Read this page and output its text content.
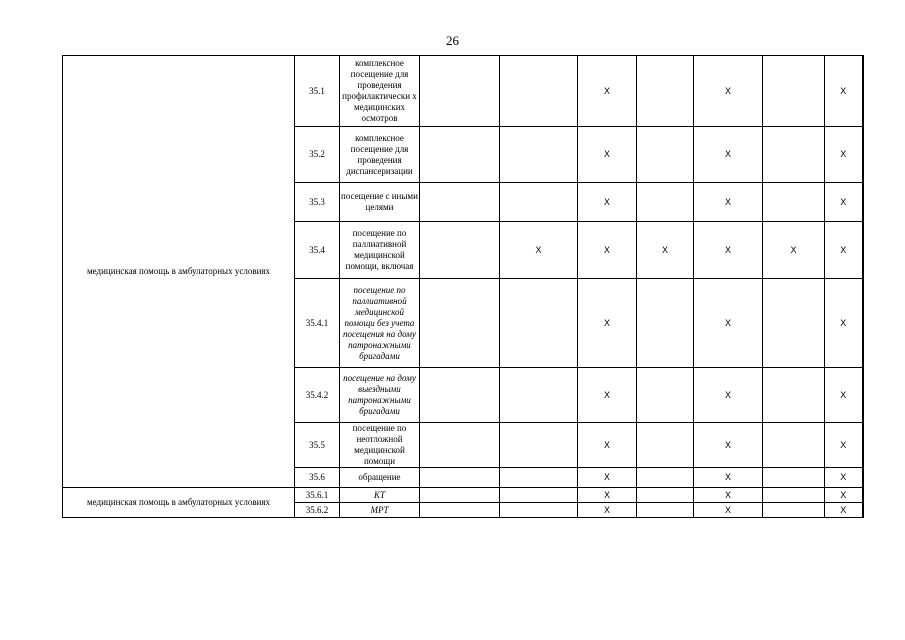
26
медицинская помощь в амбулаторных условиях	35.1	комплексное посещение для проведения профилактически х медицинских осмотров			X		X		X
	35.2	комплексное посещение для проведения диспансеризации			X		X		X
	35.3	посещение с иными целями			X		X		X
	35.4	посещение по паллиативной медицинской помощи, включая		X	X	X	X	X	X
	35.4.1	посещение по паллиативной медицинской помощи без учета посещения на дому патронажными бригадами			X		X		X
	35.4.2	посещение на дому выездными патронажными бригадами			X		X		X
	35.5	посещение по неотложной медицинской помощи			X		X		X
	35.6	обращение			X		X		X
медицинская помощь в амбулаторных условиях	35.6.1	КТ			X		X		X
	35.6.2	МРТ			X		X		X
